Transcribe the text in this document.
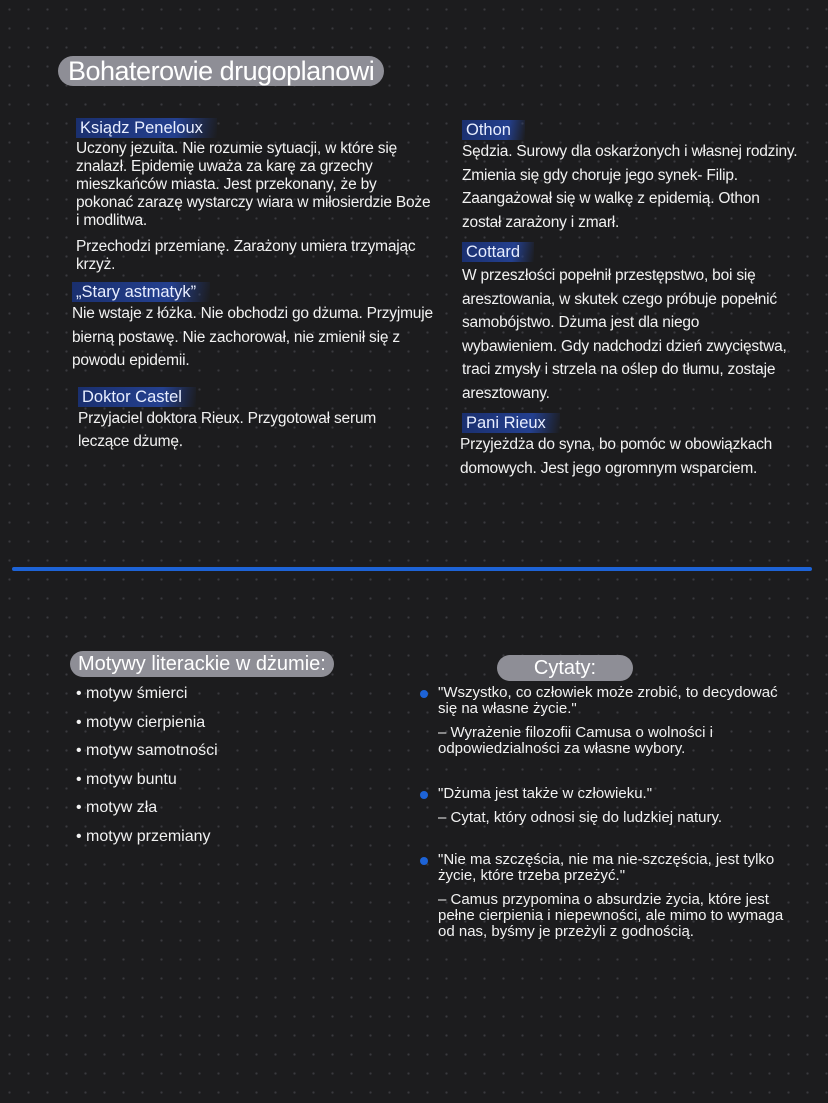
Bohaterowie drugoplanowi
Ksiądz Peneloux

Uczony jezuita. Nie rozumie sytuacji, w które się znalazł. Epidemię uważa za karę za grzechy mieszkańców miasta. Jest przekonany, że by pokonać zarazę wystarczy wiara w miłosierdzie Boże i modlitwa.

Przechodzi przemianę. Zarażony umiera trzymając krzyż.

„Stary astmatyk”

Nie wstaje z łóżka. Nie obchodzi go dżuma. Przyjmuje bierną postawę. Nie zachorował, nie zmienił się z powodu epidemii.

Doktor Castel

Przyjaciel doktora Rieux. Przygotował serum leczące dżumę.

Othon

Sędzia. Surowy dla oskarżonych i własnej rodziny. Zmienia się gdy choruje jego synek- Filip. Zaangażował się w walkę z epidemią. Othon został zarażony i zmarł.

Cottard

W przeszłości popełnił przestępstwo, boi się aresztowania, w skutek czego próbuje popełnić samobójstwo. Dżuma jest dla niego wybawieniem. Gdy nadchodzi dzień zwycięstwa, traci zmysły i strzela na oślep do tłumu, zostaje aresztowany.

Pani Rieux

Przyjeżdża do syna, bo pomóc w obowiązkach domowych. Jest jego ogromnym wsparciem.

Motywy literackie w dżumie:
• motyw śmierci
• motyw cierpienia
• motyw samotności
• motyw buntu
• motyw zła
• motyw przemiany
Cytaty:
"Wszystko, co człowiek może zrobić, to decydować się na własne życie."
– Wyrażenie filozofii Camusa o wolności i odpowiedzialności za własne wybory.
"Dżuma jest także w człowieku."
– Cytat, który odnosi się do ludzkiej natury.
"Nie ma szczęścia, nie ma nie-szczęścia, jest tylko życie, które trzeba przeżyć."
– Camus przypomina o absurdzie życia, które jest pełne cierpienia i niepewności, ale mimo to wymaga od nas, byśmy je przeżyli z godnością.
